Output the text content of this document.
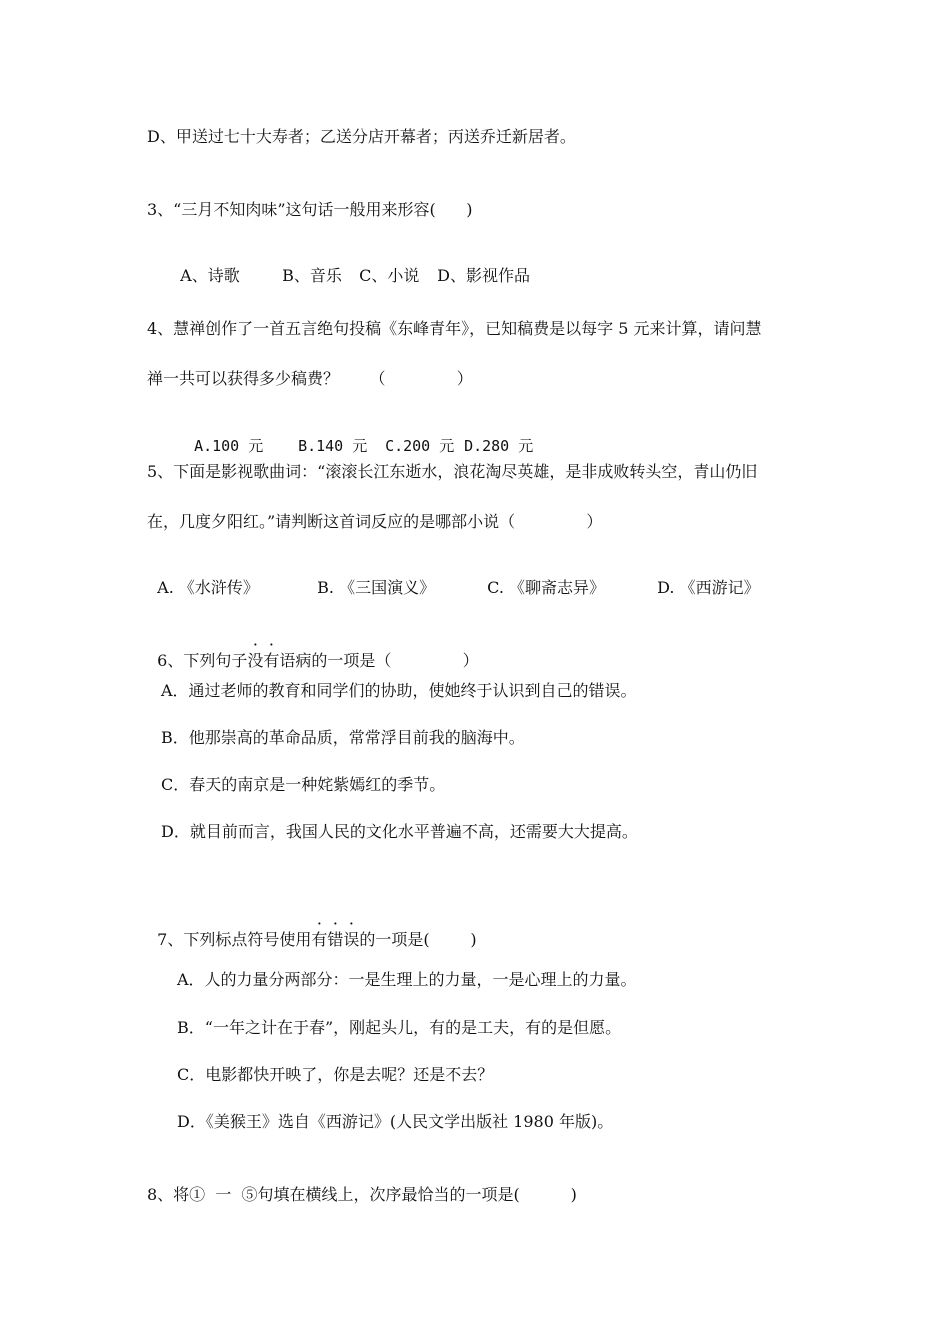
D、甲送过七十大寿者；乙送分店开幕者；丙送乔迁新居者。
3、“三月不知肉味”这句话一般用来形容(      )

A、诗歌	B、音乐 C、小说 D、影视作品

4、慧禅创作了一首五言绝句投稿《东峰青年》，已知稿费是以每字 5 元来计算，请问慧
禅一共可以获得多少稿费？      （              ）

A.100 元 B.140 元 C.200 元 D.280 元

5、下面是影视歌曲词：“滚滚长江东逝水，浪花淘尽英雄，是非成败转头空，青山仍旧
在，几度夕阳红。”请判断这首词反应的是哪部小说（              ）

A. 《水浒传》	B. 《三国演义》	C. 《聊斋志异》	D. 《西游记》

6、下列句子没有语病的一项是（              ）

A．通过老师的教育和同学们的协助，使她终于认识到自己的错误。
B．他那崇高的革命品质，常常浮目前我的脑海中。
C．春天的南京是一种姹紫嫣红的季节。
D．就目前而言，我国人民的文化水平普遍不高，还需要大大提高。

7、下列标点符号使用有错误的一项是(        )

A．人的力量分两部分：一是生理上的力量，一是心理上的力量。
B．“一年之计在于春”，刚起头儿，有的是工夫，有的是但愿。
C．电影都快开映了，你是去呢？还是不去？
D．《美猴王》选自《西游记》(人民文学出版社 1980 年版)。
8、将①  一  ⑤句填在横线上，次序最恰当的一项是(          )
